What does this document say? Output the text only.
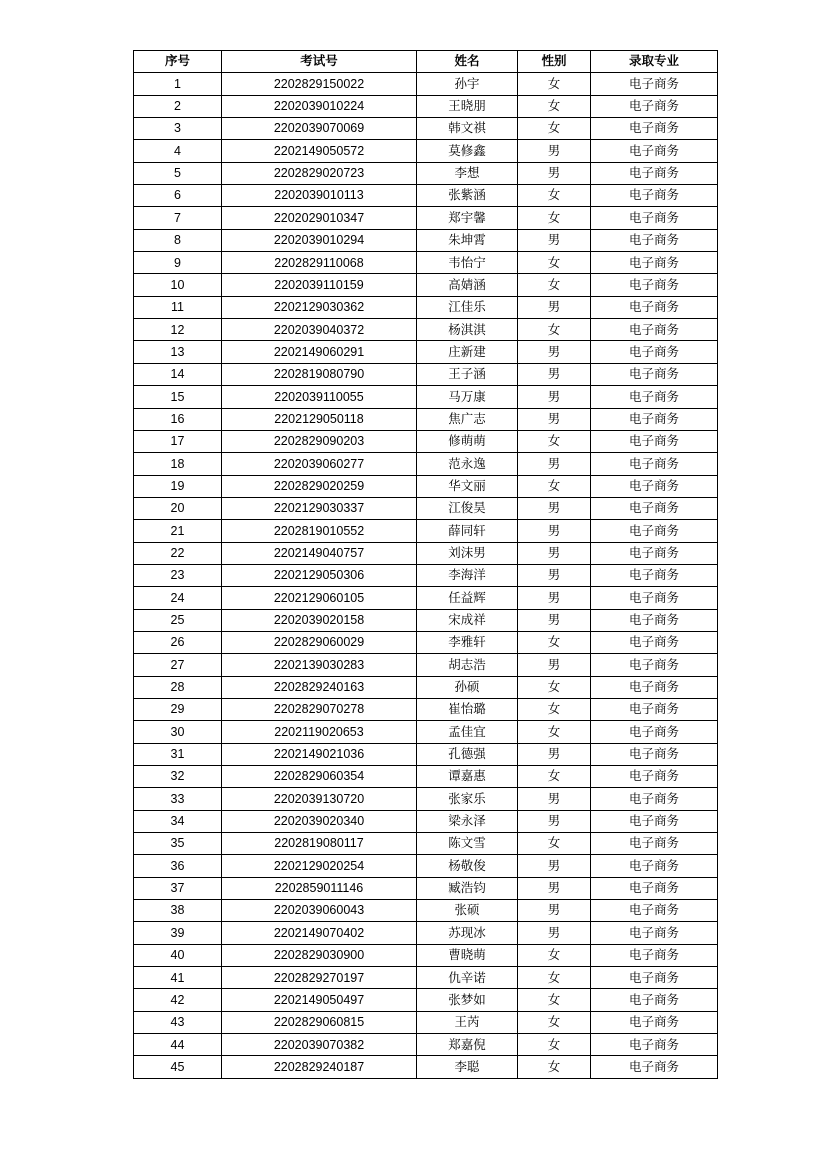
序号	考试号	姓名	性别	录取专业
1	2202829150022	孙宇	女	电子商务
2	2202039010224	王晓朋	女	电子商务
3	2202039070069	韩文祺	女	电子商务
4	2202149050572	莫修鑫	男	电子商务
5	2202829020723	李想	男	电子商务
6	2202039010113	张紫涵	女	电子商务
7	2202029010347	郑宇馨	女	电子商务
8	2202039010294	朱坤霄	男	电子商务
9	2202829110068	韦怡宁	女	电子商务
10	2202039110159	高婧涵	女	电子商务
11	2202129030362	江佳乐	男	电子商务
12	2202039040372	杨淇淇	女	电子商务
13	2202149060291	庄新建	男	电子商务
14	2202819080790	王子涵	男	电子商务
15	2202039110055	马万康	男	电子商务
16	2202129050118	焦广志	男	电子商务
17	2202829090203	修萌萌	女	电子商务
18	2202039060277	范永逸	男	电子商务
19	2202829020259	华文丽	女	电子商务
20	2202129030337	江俊昊	男	电子商务
21	2202819010552	薛同轩	男	电子商务
22	2202149040757	刘沫男	男	电子商务
23	2202129050306	李海洋	男	电子商务
24	2202129060105	任益辉	男	电子商务
25	2202039020158	宋成祥	男	电子商务
26	2202829060029	李雅轩	女	电子商务
27	2202139030283	胡志浩	男	电子商务
28	2202829240163	孙硕	女	电子商务
29	2202829070278	崔怡璐	女	电子商务
30	2202119020653	孟佳宜	女	电子商务
31	2202149021036	孔德强	男	电子商务
32	2202829060354	谭嘉惠	女	电子商务
33	2202039130720	张家乐	男	电子商务
34	2202039020340	梁永泽	男	电子商务
35	2202819080117	陈文雪	女	电子商务
36	2202129020254	杨敬俊	男	电子商务
37	2202859011146	臧浩钧	男	电子商务
38	2202039060043	张硕	男	电子商务
39	2202149070402	苏现冰	男	电子商务
40	2202829030900	曹晓萌	女	电子商务
41	2202829270197	仇辛诺	女	电子商务
42	2202149050497	张梦如	女	电子商务
43	2202829060815	王芮	女	电子商务
44	2202039070382	郑嘉倪	女	电子商务
45	2202829240187	李聪	女	电子商务
